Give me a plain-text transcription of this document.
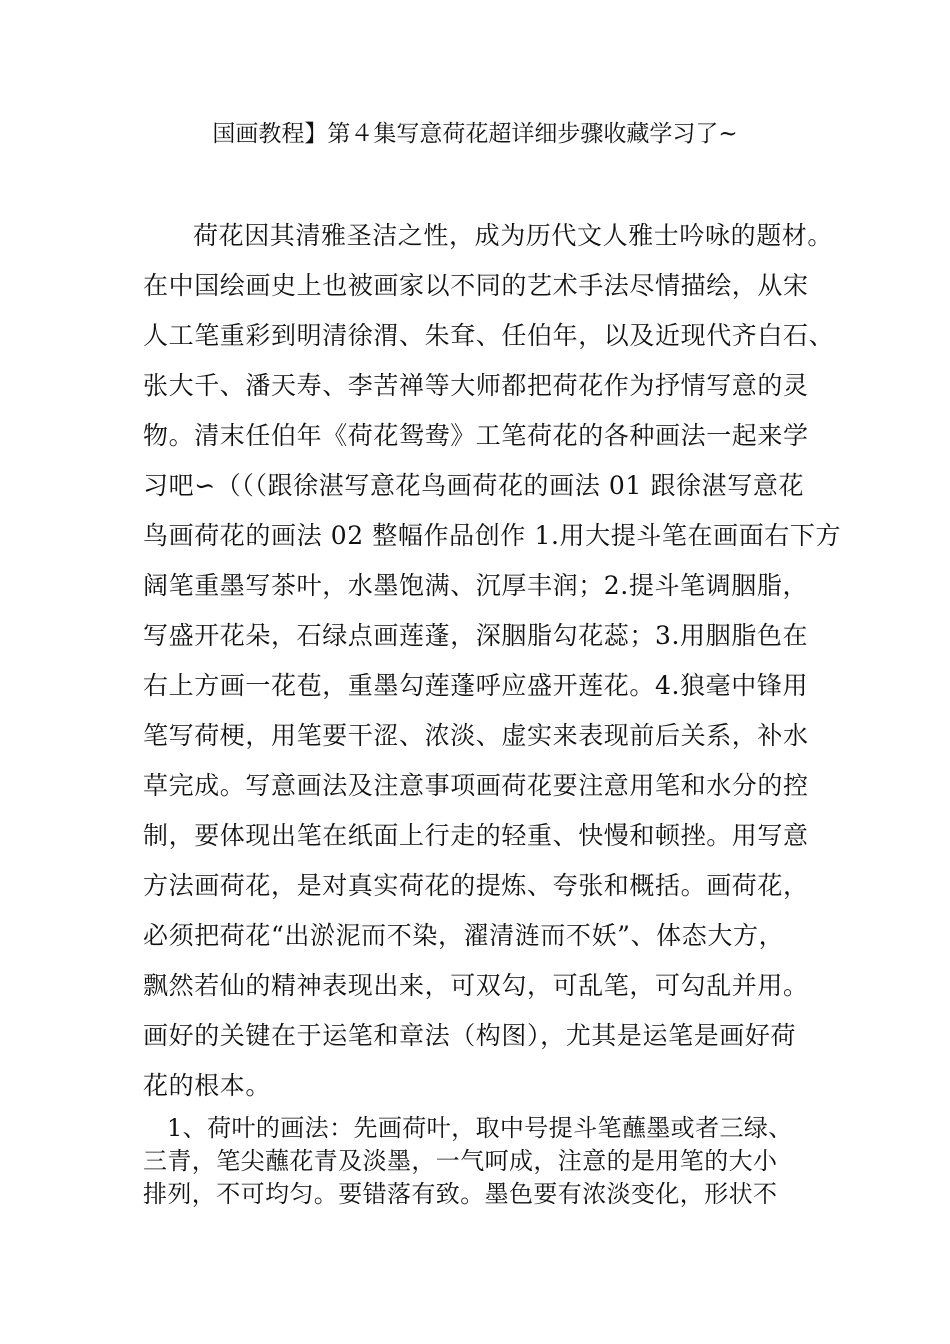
国画教程】第４集写意荷花超详细步骤收藏学习了~
荷花因其清雅圣洁之性，成为历代文人雅士吟咏的题材。
在中国绘画史上也被画家以不同的艺术手法尽情描绘，从宋
人工笔重彩到明清徐渭、朱耷、任伯年，以及近现代齐白石、
张大千、潘天寿、李苦禅等大师都把荷花作为抒情写意的灵
物。清末任伯年《荷花鸳鸯》工笔荷花的各种画法一起来学
习吧∽（（（跟徐湛写意花鸟画荷花的画法 01 跟徐湛写意花
鸟画荷花的画法 02 整幅作品创作 1.用大提斗笔在画面右下方
阔笔重墨写茶叶，水墨饱满、沉厚丰润；2.提斗笔调胭脂，
写盛开花朵，石绿点画莲蓬，深胭脂勾花蕊；3.用胭脂色在
右上方画一花苞，重墨勾莲蓬呼应盛开莲花。4.狼毫中锋用
笔写荷梗，用笔要干涩、浓淡、虚实来表现前后关系，补水
草完成。写意画法及注意事项画荷花要注意用笔和水分的控
制，要体现出笔在纸面上行走的轻重、快慢和顿挫。用写意
方法画荷花，是对真实荷花的提炼、夸张和概括。画荷花，
必须把荷花“出淤泥而不染，濯清涟而不妖”、体态大方，
飘然若仙的精神表现出来，可双勾，可乱笔，可勾乱并用。
画好的关键在于运笔和章法（构图），尤其是运笔是画好荷
花的根本。
1、荷叶的画法：先画荷叶，取中号提斗笔蘸墨或者三绿、
三青，笔尖蘸花青及淡墨，一气呵成，注意的是用笔的大小
排列，不可均匀。要错落有致。墨色要有浓淡变化，形状不
